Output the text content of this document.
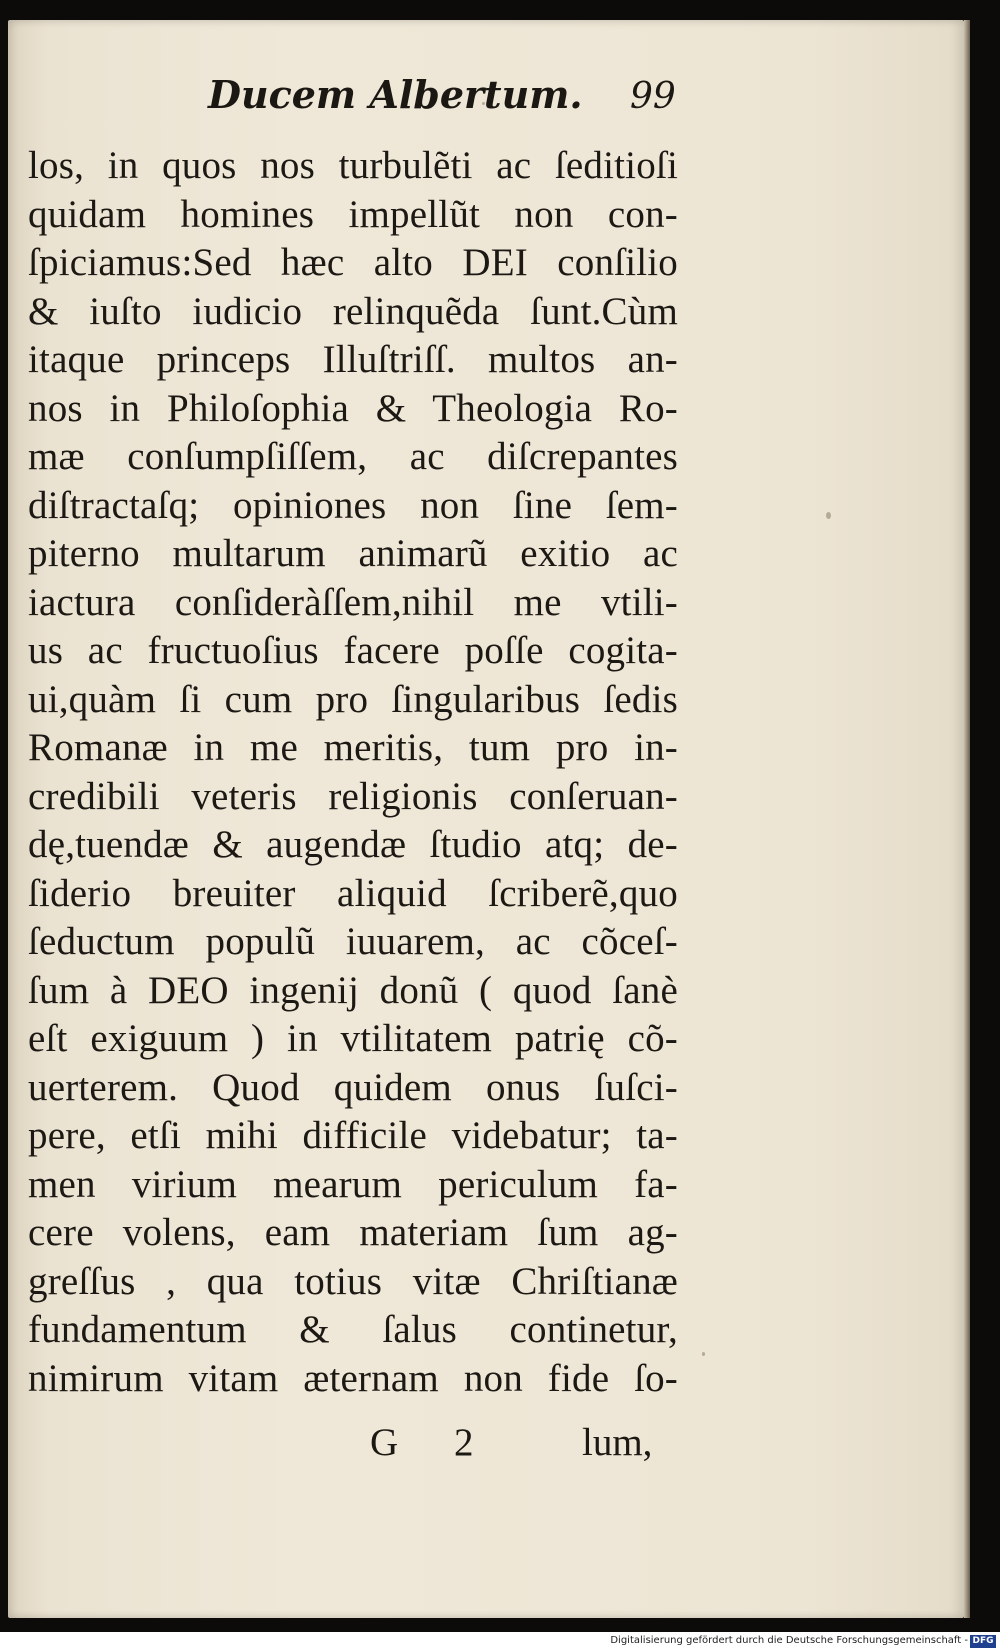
Ducem Albertum. 99
los, in quos nos turbulẽti ac ſeditioſi
quidam homines impellũt non con-
ſpiciamus:Sed hæc alto DEI conſilio
& iuſto iudicio relinquẽda ſunt.Cùm
itaque princeps Illuſtriſſ. multos an-
nos in Philoſophia & Theologia Ro-
mæ conſumpſiſſem, ac diſcrepantes
diſtractaſq; opiniones non ſine ſem-
piterno multarum animarũ exitio ac
iactura conſideràſſem,nihil me vtili-
us ac fructuoſius facere poſſe cogita-
ui,quàm ſi cum pro ſingularibus ſedis
Romanæ in me meritis, tum pro in-
credibili veteris religionis conſeruan-
dę,tuendæ & augendæ ſtudio atq; de-
ſiderio breuiter aliquid ſcriberẽ,quo
ſeductum populũ iuuarem, ac cõceſ-
ſum à DEO ingenij donũ ( quod ſanè
eſt exiguum ) in vtilitatem patrię cõ-
uerterem. Quod quidem onus ſuſci-
pere, etſi mihi difficile videbatur; ta-
men virium mearum periculum fa-
cere volens, eam materiam ſum ag-
greſſus , qua totius vitæ Chriſtianæ
fundamentum & ſalus continetur,
nimirum vitam æternam non fide ſo-
G 2	lum,
Digitalisierung gefördert durch die Deutsche Forschungsgemeinschaft - DFG
